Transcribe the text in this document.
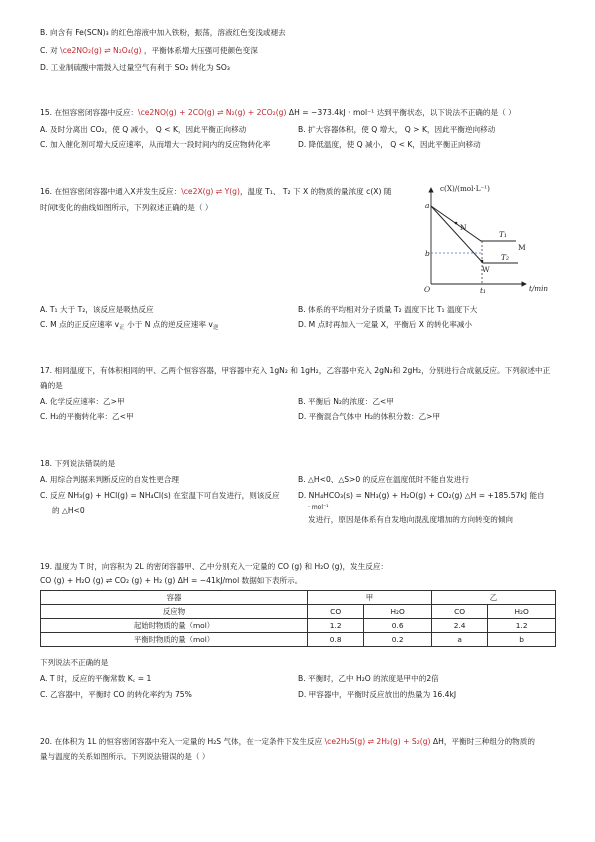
B. 向含有 Fe(SCN)₃ 的红色溶液中加入铁粉，振荡，溶液红色变浅或褪去
C. 对 \ce2NO₂(g) ⇌ N₂O₄(g) ，平衡体系增大压强可使颜色变深
D. 工业制硫酸中需鼓入过量空气有利于 SO₂ 转化为 SO₃
15. 在恒容密闭容器中反应：\ce2NO(g) + 2CO(g) ⇌ N₂(g) + 2CO₂(g) ΔH = −373.4kJ · mol⁻¹ 达到平衡状态，以下说法不正确的是（ ）
A. 及时分离出 CO₂，使 Q 减小， Q < K，因此平衡正向移动	B. 扩大容器体积，使 Q 增大， Q > K，因此平衡逆向移动
C. 加入催化剂可增大反应速率，从而增大一段时间内的反应物转化率	D. 降低温度，使 Q 减小， Q < K，因此平衡正向移动
16. 在恒容密闭容器中通入X并发生反应：\ce2X(g) ⇌ Y(g)，温度 T₁、 T₂ 下 X 的物质的量浓度 c(X) 随
时间t变化的曲线如图所示，下列叙述正确的是（ ）
c(X)/(mol·L⁻¹)
t/min
O
a
b
t₁
N
M
W
T₁
T₂
A. T₁ 大于 T₂，该反应是吸热反应	B. 体系的平均相对分子质量 T₂ 温度下比 T₁ 温度下大
C. M 点的正反应速率 $v_正$ 小于 N 点的逆反应速率 $v_逆$	D. M 点时再加入一定量 X，平衡后 X 的转化率减小
17. 相同温度下，有体积相同的甲、乙两个恒容容器，甲容器中充入 1gN₂ 和 1gH₂，乙容器中充入 2gN₂和 2gH₂，分别进行合成氨反应。下列叙述中正
确的是
A. 化学反应速率：乙>甲	B. 平衡后 N₂的浓度：乙<甲
C. H₂的平衡转化率：乙<甲	D. 平衡混合气体中 H₂的体积分数：乙>甲
18. 下列说法错误的是
A. 用综合判据来判断反应的自发性更合理	B. △H<0、△S>0 的反应在温度低时不能自发进行
C. 反应 NH₃(g) + HCl(g) = NH₄Cl(s) 在室温下可自发进行，则该反应
的 △H<0
D. NH₄HCO₃(s) = NH₃(g) + H₂O(g) + CO₂(g) △H = +185.57kJ 能自
· mol⁻¹
发进行，原因是体系有自发地向混乱度增加的方向转变的倾向
19. 温度为 T 时，向容积为 2L 的密闭容器甲、乙中分别充入一定量的 CO (g) 和 H₂O (g)，发生反应：
CO (g) + H₂O (g) ⇌ CO₂ (g) + H₂ (g) ΔH = −41kJ/mol 数据如下表所示。
容器	甲		乙	
反应物	CO	H₂O	CO	H₂O
起始时物质的量（mol）	1.2	0.6	2.4	1.2
平衡时物质的量（mol）	0.8	0.2	a	b
下列说法不正确的是
A. T 时，反应的平衡常数 K꜀ = 1	B. 平衡时，乙中 H₂O 的浓度是甲中的2倍
C. 乙容器中，平衡时 CO 的转化率约为 75%	D. 甲容器中，平衡时反应放出的热量为 16.4kJ
20. 在体积为 1L 的恒容密闭容器中充入一定量的 H₂S 气体，在一定条件下发生反应 \ce2H₂S(g) ⇌ 2H₂(g) + S₂(g) ΔH，平衡时三种组分的物质的
量与温度的关系如图所示。下列说法错误的是（ ）
